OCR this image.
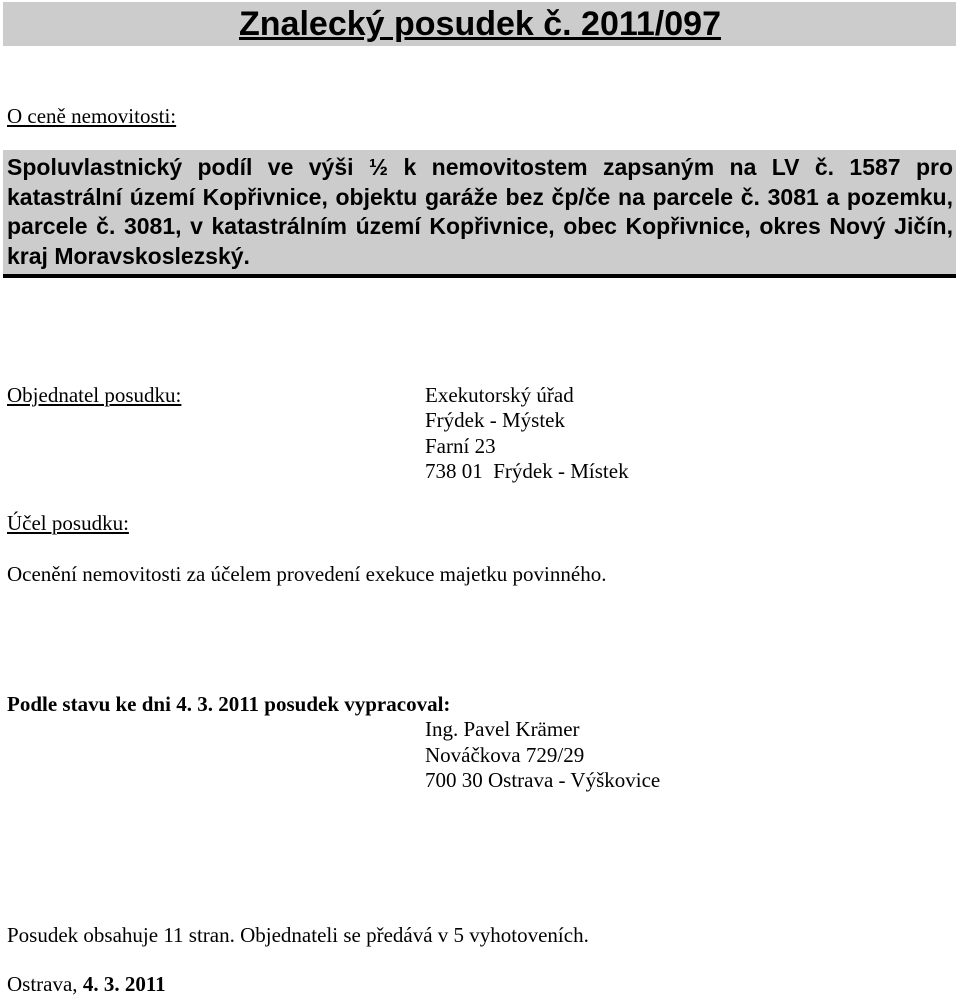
Znalecký posudek č. 2011/097
O ceně nemovitosti:
Spoluvlastnický podíl ve výši ½ k nemovitostem zapsaným na LV č. 1587 pro katastrální území Kopřivnice, objektu garáže bez čp/če na parcele č. 3081 a pozemku, parcele č. 3081, v katastrálním území Kopřivnice, obec Kopřivnice, okres Nový Jičín, kraj Moravskoslezský.
Objednatel posudku:	Exekutorský úřad
Frýdek - Mýstek
Farní 23
738 01  Frýdek - Místek
Účel posudku:
Ocenění nemovitosti za účelem provedení exekuce majetku povinného.
Podle stavu ke dni 4. 3. 2011 posudek vypracoval:
Ing. Pavel Krämer
Nováčkova 729/29
700 30 Ostrava - Výškovice
Posudek obsahuje 11 stran. Objednateli se předává v 5 vyhotoveních.
Ostrava, 4. 3. 2011
